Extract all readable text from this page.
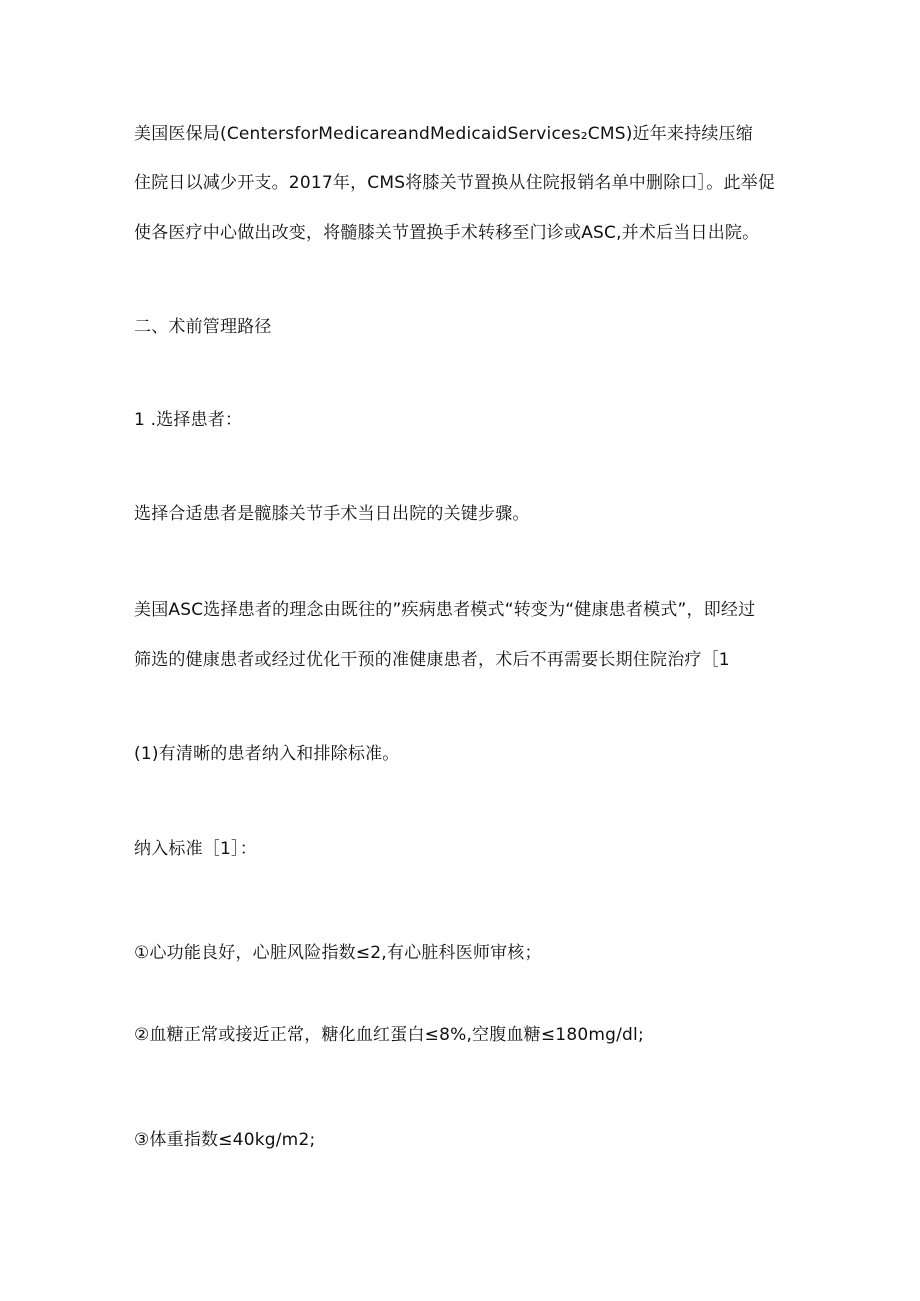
美国医保局(CentersforMedicareandMedicaidServices₂CMS)近年来持续压缩
住院日以减少开支。2017年，CMS将膝关节置换从住院报销名单中删除口］。此举促
使各医疗中心做出改变，将髓膝关节置换手术转移至门诊或ASC,并术后当日出院。
二、术前管理路径
1 .选择患者：
选择合适患者是髋膝关节手术当日出院的关键步骤。
美国ASC选择患者的理念由既往的”疾病患者模式“转变为“健康患者模式”，即经过
筛选的健康患者或经过优化干预的准健康患者，术后不再需要长期住院治疗［1
(1)有清晰的患者纳入和排除标准。
纳入标准［1］：
①心功能良好，心脏风险指数≤2,有心脏科医师审核；
②血糖正常或接近正常，糖化血红蛋白≤8%,空腹血糖≤180mg/dl;
③体重指数≤40kg∕m2;
